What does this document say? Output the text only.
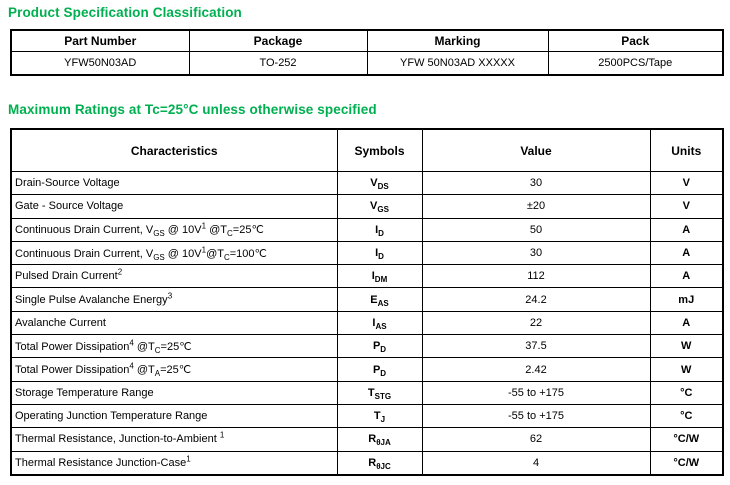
Product Specification Classification
Part Number	Package	Marking	Pack
YFW50N03AD	TO-252	YFW 50N03AD XXXXX	2500PCS/Tape
Maximum Ratings at Tc=25°C unless otherwise specified
Characteristics	Symbols	Value	Units
Drain-Source Voltage	$V_{DS}$	30	V
Gate - Source Voltage	$V_{GS}$	±20	V
Continuous Drain Current, $V_{GS}$ @ $10V^1$ $@T_C=25℃$	$I_D$	50	A
Continuous Drain Current, $V_{GS}$ @ $10V^1@T_C=100℃$	$I_D$	30	A
Pulsed Drain Current$^2$	$I_{DM}$	112	A
Single Pulse Avalanche Energy$^3$	$E_{AS}$	24.2	mJ
Avalanche Current	$I_{AS}$	22	A
Total Power Dissipation$^4$ $@T_C=25℃$	$P_D$	37.5	W
Total Power Dissipation$^4$ $@T_A=25℃$	$P_D$	2.42	W
Storage Temperature Range	$T_{STG}$	-55 to +175	°C
Operating Junction Temperature Range	$T_J$	-55 to +175	°C
Thermal Resistance, Junction-to-Ambient $^1$	$R_{\theta JA}$	62	°C/W
Thermal Resistance Junction-Case$^1$	$R_{\theta JC}$	4	°C/W
